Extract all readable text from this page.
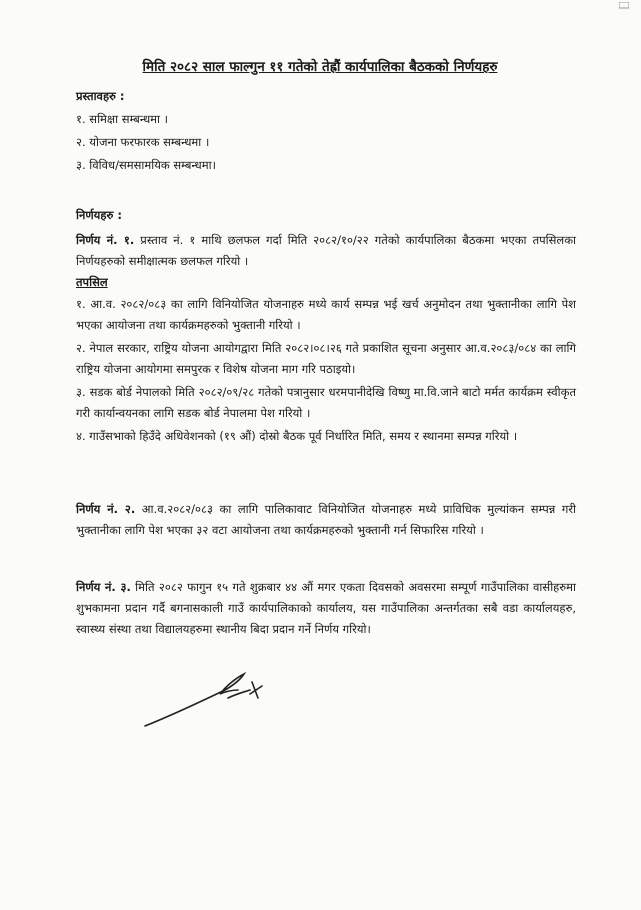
मिति २०८२ साल फाल्गुन ११ गतेको तेह्रौं कार्यपालिका बैठकको निर्णयहरु
प्रस्तावहरु :
१. समिक्षा सम्बन्धमा ।
२. योजना फरफारक सम्बन्धमा ।
३. विविध/समसामयिक सम्बन्धमा।
निर्णयहरु :

निर्णय नं. १. प्रस्ताव नं. १ माथि छलफल गर्दा मिति २०८२/१०/२२ गतेको कार्यपालिका बैठकमा भएका तपसिलका निर्णयहरुको समीक्षात्मक छलफल गरियो ।

तपसिल

१. आ.व. २०८२/०८३ का लागि विनियोजित योजनाहरु मध्ये कार्य सम्पन्न भई खर्च अनुमोदन तथा भुक्तानीका लागि पेश भएका आयोजना तथा कार्यक्रमहरुको भुक्तानी गरियो ।

२. नेपाल सरकार, राष्ट्रिय योजना आयोगद्वारा मिति २०८२।०८।२६ गते प्रकाशित सूचना अनुसार आ.व.२०८३/०८४ का लागि राष्ट्रिय योजना आयोगमा समपुरक र विशेष योजना माग गरि पठाइयो।

३. सडक बोर्ड नेपालको मिति २०८२/०९/२८ गतेको पत्रानुसार धरमपानीदेखि विष्णु मा.वि.जाने बाटो मर्मत कार्यक्रम स्वीकृत गरी कार्यान्वयनका लागि सडक बोर्ड नेपालमा पेश गरियो ।

४. गाउँसभाको हिउँदे अधिवेशनको (१९ औं) दोस्रो बैठक पूर्व निर्धारित मिति, समय र स्थानमा सम्पन्न गरियो ।

निर्णय नं. २. आ.व.२०८२/०८३ का लागि पालिकावाट विनियोजित योजनाहरु मध्ये प्राविधिक मुल्यांकन सम्पन्न गरी भुक्तानीका लागि पेश भएका ३२ वटा आयोजना तथा कार्यक्रमहरुको भुक्तानी गर्न सिफारिस गरियो ।

निर्णय नं. ३. मिति २०८२ फागुन १५ गते शुक्रबार ४४ औं मगर एकता दिवसको अवसरमा सम्पूर्ण गाउँपालिका वासीहरुमा शुभकामना प्रदान गर्दै बगनासकाली गाउँ कार्यपालिकाको कार्यालय, यस गाउँपालिका अन्तर्गतका सबै वडा कार्यालयहरु, स्वास्थ्य संस्था तथा विद्यालयहरुमा स्थानीय बिदा प्रदान गर्ने निर्णय गरियो।
